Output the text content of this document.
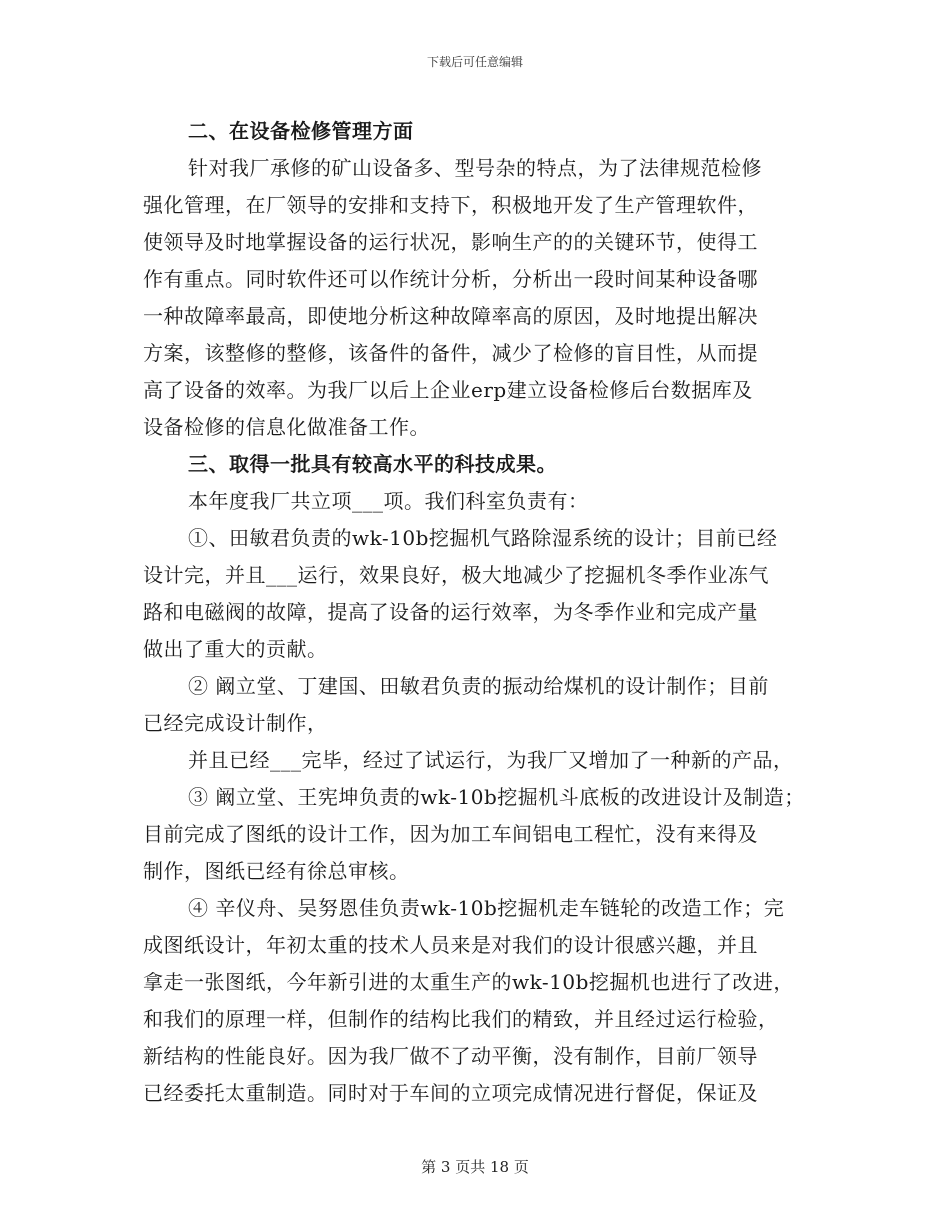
下载后可任意编辑
二、在设备检修管理方面
针对我厂承修的矿山设备多、型号杂的特点，为了法律规范检修
强化管理，在厂领导的安排和支持下，积极地开发了生产管理软件，
使领导及时地掌握设备的运行状况，影响生产的的关键环节，使得工
作有重点。同时软件还可以作统计分析，分析出一段时间某种设备哪
一种故障率最高，即使地分析这种故障率高的原因，及时地提出解决
方案，该整修的整修，该备件的备件，减少了检修的盲目性，从而提
高了设备的效率。为我厂以后上企业erp建立设备检修后台数据库及
设备检修的信息化做准备工作。
三、取得一批具有较高水平的科技成果。
本年度我厂共立项___项。我们科室负责有：
①、田敏君负责的wk-10b挖掘机气路除湿系统的设计；目前已经
设计完，并且___运行，效果良好，极大地减少了挖掘机冬季作业冻气
路和电磁阀的故障，提高了设备的运行效率，为冬季作业和完成产量
做出了重大的贡献。
② 阚立堂、丁建国、田敏君负责的振动给煤机的设计制作；目前
已经完成设计制作，
并且已经___完毕，经过了试运行，为我厂又增加了一种新的产品，
③ 阚立堂、王宪坤负责的wk-10b挖掘机斗底板的改进设计及制造；
目前完成了图纸的设计工作，因为加工车间铝电工程忙，没有来得及
制作，图纸已经有徐总审核。
④ 辛仪舟、吴努恩佳负责wk-10b挖掘机走车链轮的改造工作；完
成图纸设计，年初太重的技术人员来是对我们的设计很感兴趣，并且
拿走一张图纸，今年新引进的太重生产的wk-10b挖掘机也进行了改进，
和我们的原理一样，但制作的结构比我们的精致，并且经过运行检验，
新结构的性能良好。因为我厂做不了动平衡，没有制作，目前厂领导
已经委托太重制造。同时对于车间的立项完成情况进行督促，保证及
第 3 页共 18 页
